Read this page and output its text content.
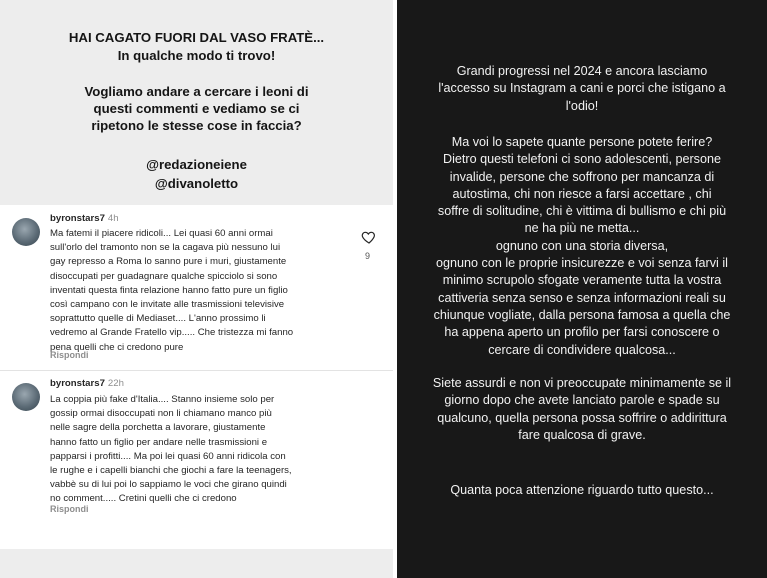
HAI CAGATO FUORI DAL VASO FRATÈ...
In qualche modo ti trovo!
Vogliamo andare a cercare i leoni di
questi commenti e vediamo se ci
ripetono le stesse cose in faccia?
@redazioneiene
@divanoletto
byronstars7 4h
Ma fatemi il piacere ridicoli... Lei quasi 60 anni ormai
sull'orlo del tramonto non se la cagava più nessuno lui
gay represso a Roma lo sanno pure i muri, giustamente
disoccupati per guadagnare qualche spicciolo si sono
inventati questa finta relazione hanno fatto pure un figlio
così campano con le invitate alle trasmissioni televisive
soprattutto quelle di Mediaset.... L'anno prossimo li
vedremo al Grande Fratello vip..... Che tristezza mi fanno
pena quelli che ci credono pure
Rispondi
9
byronstars7 22h
La coppia più fake d'Italia.... Stanno insieme solo per
gossip ormai disoccupati non li chiamano manco più
nelle sagre della porchetta a lavorare, giustamente
hanno fatto un figlio per andare nelle trasmissioni e
papparsi i profitti.... Ma poi lei quasi 60 anni ridicola con
le rughe e i capelli bianchi che giochi a fare la teenagers,
vabbè su di lui poi lo sappiamo le voci che girano quindi
no comment..... Cretini quelli che ci credono
Rispondi
Grandi progressi nel 2024 e ancora lasciamo
l'accesso su Instagram a cani e porci che istigano a
l'odio!
Ma voi lo sapete quante persone potete ferire?
Dietro questi telefoni ci sono adolescenti, persone
invalide, persone che soffrono per mancanza di
autostima, chi non riesce a farsi accettare , chi
soffre di solitudine, chi è vittima di bullismo e chi più
ne ha più ne metta...
ognuno con una storia diversa,
ognuno con le proprie insicurezze e voi senza farvi il
minimo scrupolo sfogate veramente tutta la vostra
cattiveria senza senso e senza informazioni reali su
chiunque vogliate, dalla persona famosa a quella che
ha appena aperto un profilo per farsi conoscere o
cercare di condividere qualcosa...
Siete assurdi e non vi preoccupate minimamente se il
giorno dopo che avete lanciato parole e spade su
qualcuno, quella persona possa soffrire o addirittura
fare qualcosa di grave.
Quanta poca attenzione riguardo tutto questo...
